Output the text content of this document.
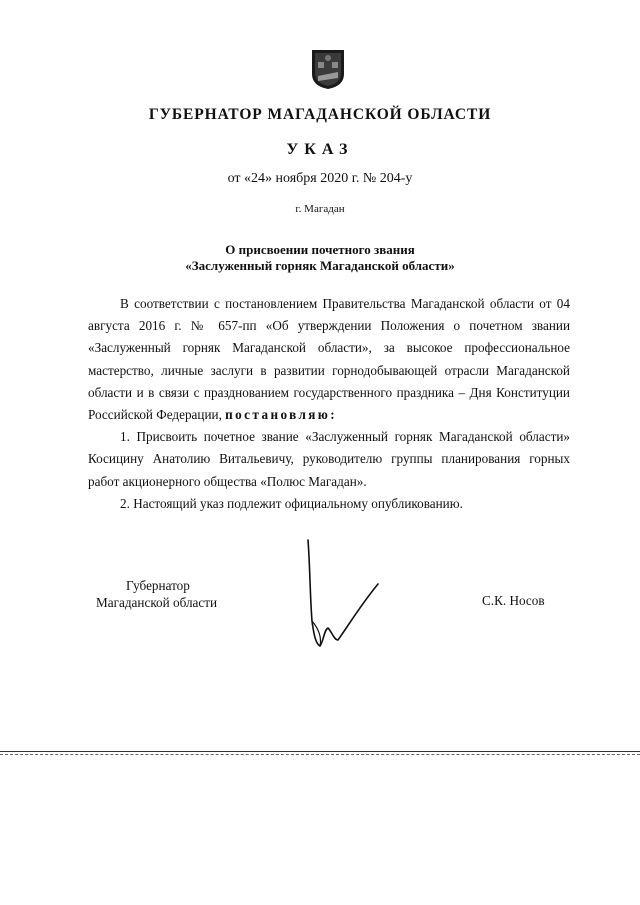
ГУБЕРНАТОР МАГАДАНСКОЙ ОБЛАСТИ
УКАЗ
от «24» ноября 2020 г. № 204-у
г. Магадан
О присвоении почетного звания
«Заслуженный горняк Магаданской области»

В соответствии с постановлением Правительства Магаданской области от 04 августа 2016 г. № 657-пп «Об утверждении Положения о почетном звании «Заслуженный горняк Магаданской области», за высокое профессиональное мастерство, личные заслуги в развитии горнодобывающей отрасли Магаданской области и в связи с празднованием государственного праздника – Дня Конституции Российской Федерации, постановляю:

1. Присвоить почетное звание «Заслуженный горняк Магаданской области» Косицину Анатолию Витальевичу, руководителю группы планирования горных работ акционерного общества «Полюс Магадан».

2. Настоящий указ подлежит официальному опубликованию.

Губернатор
Магаданской области	С.К. Носов
